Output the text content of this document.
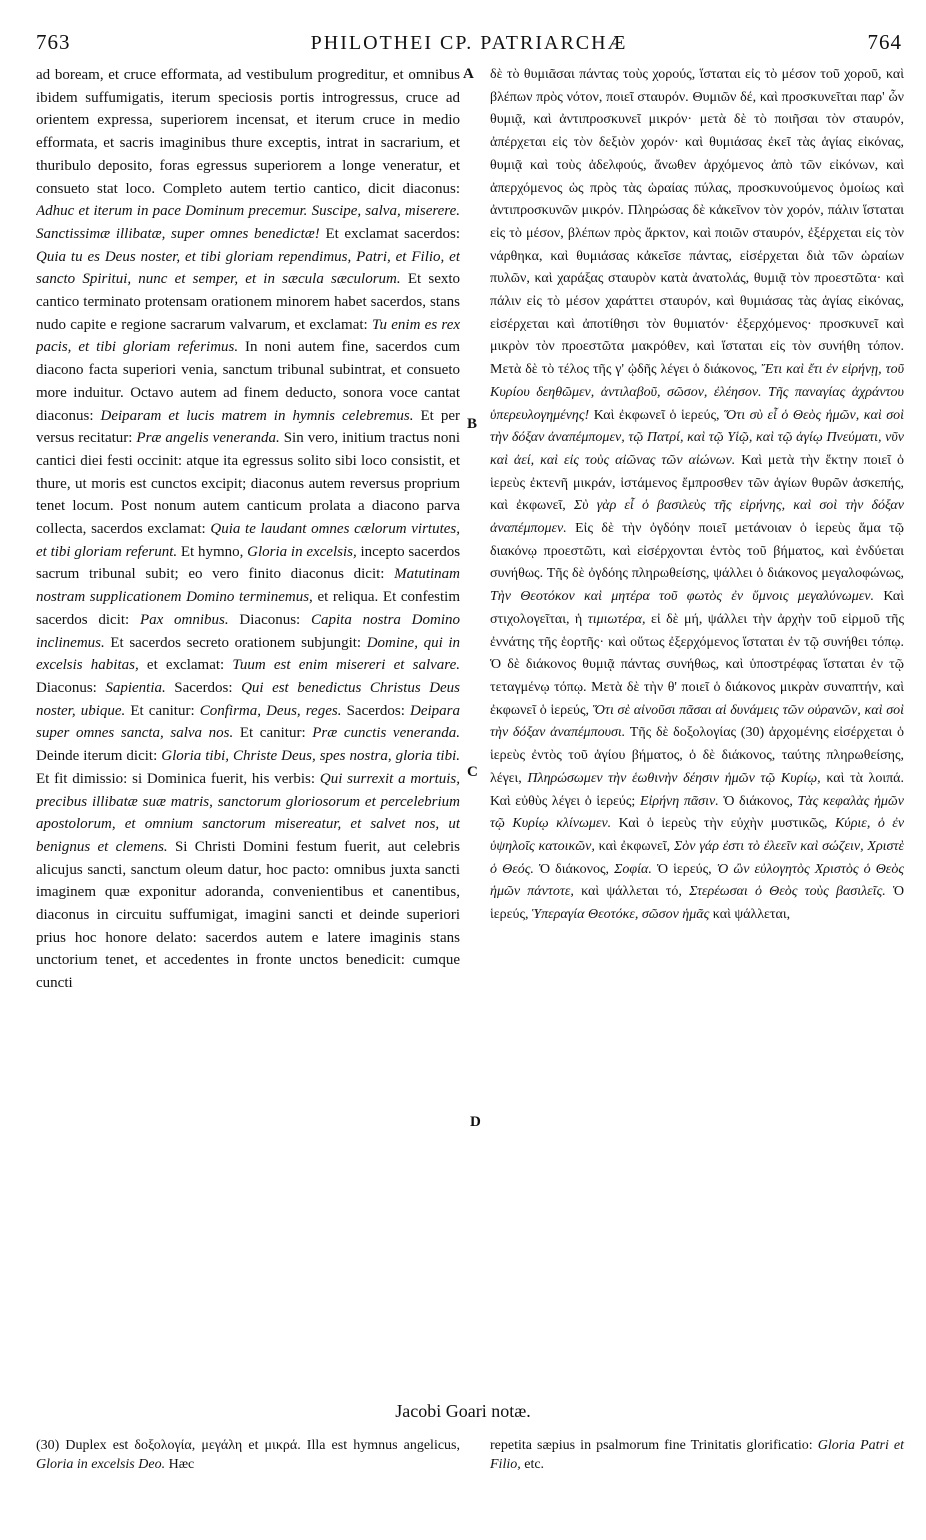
763	PHILOTHEI CP. PATRIARCHÆ	764
A
B
C
D

ad boream, et cruce efformata, ad vestibulum progreditur, et omnibus ibidem suffumigatis, iterum speciosis portis introgressus, cruce ad orientem expressa, superiorem incensat, et iterum cruce in medio efformata, et sacris imaginibus thure exceptis, intrat in sacrarium, et thuribulo deposito, foras egressus superiorem a longe veneratur, et consueto stat loco. Completo autem tertio cantico, dicit diaconus: Adhuc et iterum in pace Dominum precemur. Suscipe, salva, miserere. Sanctissimæ illibatæ, super omnes benedictæ! Et exclamat sacerdos: Quia tu es Deus noster, et tibi gloriam rependimus, Patri, et Filio, et sancto Spiritui, nunc et semper, et in sæcula sæculorum. Et sexto cantico terminato protensam orationem minorem habet sacerdos, stans nudo capite e regione sacrarum valvarum, et exclamat: Tu enim es rex pacis, et tibi gloriam referimus. In noni autem fine, sacerdos cum diacono facta superiori venia, sanctum tribunal subintrat, et consueto more induitur. Octavo autem ad finem deducto, sonora voce cantat diaconus: Deiparam et lucis matrem in hymnis celebremus. Et per versus recitatur: Præ angelis veneranda. Sin vero, initium tractus noni cantici diei festi occinit: atque ita egressus solito sibi loco consistit, et thure, ut moris est cunctos excipit; diaconus autem reversus proprium tenet locum. Post nonum autem canticum prolata a diacono parva collecta, sacerdos exclamat: Quia te laudant omnes cælorum virtutes, et tibi gloriam referunt. Et hymno, Gloria in excelsis, incepto sacerdos sacrum tribunal subit; eo vero finito diaconus dicit: Matutinam nostram supplicationem Domino terminemus, et reliqua. Et confestim sacerdos dicit: Pax omnibus. Diaconus: Capita nostra Domino inclinemus. Et sacerdos secreto orationem subjungit: Domine, qui in excelsis habitas, et exclamat: Tuum est enim misereri et salvare. Diaconus: Sapientia. Sacerdos: Qui est benedictus Christus Deus noster, ubique. Et canitur: Confirma, Deus, reges. Sacerdos: Deipara super omnes sancta, salva nos. Et canitur: Præ cunctis veneranda. Deinde iterum dicit: Gloria tibi, Christe Deus, spes nostra, gloria tibi. Et fit dimissio: si Dominica fuerit, his verbis: Qui surrexit a mortuis, precibus illibatæ suæ matris, sanctorum gloriosorum et percelebrium apostolorum, et omnium sanctorum misereatur, et salvet nos, ut benignus et clemens. Si Christi Domini festum fuerit, aut celebris alicujus sancti, sanctum oleum datur, hoc pacto: omnibus juxta sancti imaginem quæ exponitur adoranda, convenientibus et canentibus, diaconus in circuitu suffumigat, imagini sancti et deinde superiori prius hoc honore delato: sacerdos autem e latere imaginis stans unctorium tenet, et accedentes in fronte unctos benedicit: cumque cuncti

δὲ τὸ θυμιᾶσαι πάντας τοὺς χορούς, ἵσταται εἰς τὸ μέσον τοῦ χοροῦ, καὶ βλέπων πρὸς νότον, ποιεῖ σταυρόν. Θυμιῶν δέ, καὶ προσκυνεῖται παρ' ὧν θυμιᾷ, καὶ ἀντιπροσκυνεῖ μικρόν· μετὰ δὲ τὸ ποιῆσαι τὸν σταυρόν, ἀπέρχεται εἰς τὸν δεξιὸν χορόν· καὶ θυμιάσας ἐκεῖ τὰς ἁγίας εἰκόνας, θυμιᾷ καὶ τοὺς ἀδελφούς, ἄνωθεν ἀρχόμενος ἀπὸ τῶν εἰκόνων, καὶ ἀπερχόμενος ὡς πρὸς τὰς ὡραίας πύλας, προσκυνούμενος ὁμοίως καὶ ἀντιπροσκυνῶν μικρόν. Πληρώσας δὲ κἀκεῖνον τὸν χορόν, πάλιν ἵσταται εἰς τὸ μέσον, βλέπων πρὸς ἄρκτον, καὶ ποιῶν σταυρόν, ἐξέρχεται εἰς τὸν νάρθηκα, καὶ θυμιάσας κἀκεῖσε πάντας, εἰσέρχεται διὰ τῶν ὡραίων πυλῶν, καὶ χαράξας σταυρὸν κατὰ ἀνατολάς, θυμιᾷ τὸν προεστῶτα· καὶ πάλιν εἰς τὸ μέσον χαράττει σταυρόν, καὶ θυμιάσας τὰς ἁγίας εἰκόνας, εἰσέρχεται καὶ ἀποτίθησι τὸν θυμιατόν· ἐξερχόμενος· προσκυνεῖ καὶ μικρὸν τὸν προεστῶτα μακρόθεν, καὶ ἵσταται εἰς τὸν συνήθη τόπον. Μετὰ δὲ τὸ τέλος τῆς γ' ᾠδῆς λέγει ὁ διάκονος, Ἔτι καὶ ἔτι ἐν εἰρήνῃ, τοῦ Κυρίου δεηθῶμεν, ἀντιλαβοῦ, σῶσον, ἐλέησον. Τῆς παναγίας ἀχράντου ὑπερευλογημένης! Καὶ ἐκφωνεῖ ὁ ἱερεύς, Ὅτι σὺ εἶ ὁ Θεὸς ἡμῶν, καὶ σοὶ τὴν δόξαν ἀναπέμπομεν, τῷ Πατρί, καὶ τῷ Υἱῷ, καὶ τῷ ἁγίῳ Πνεύματι, νῦν καὶ ἀεί, καὶ εἰς τοὺς αἰῶνας τῶν αἰώνων. Καὶ μετὰ τὴν ἕκτην ποιεῖ ὁ ἱερεὺς ἐκτενῆ μικράν, ἱστάμενος ἔμπροσθεν τῶν ἁγίων θυρῶν ἀσκεπής, καὶ ἐκφωνεῖ, Σὺ γὰρ εἶ ὁ βασιλεὺς τῆς εἰρήνης, καὶ σοὶ τὴν δόξαν ἀναπέμπομεν. Εἰς δὲ τὴν ὀγδόην ποιεῖ μετάνοιαν ὁ ἱερεὺς ἅμα τῷ διακόνῳ προεστῶτι, καὶ εἰσέρχονται ἐντὸς τοῦ βήματος, καὶ ἐνδύεται συνήθως. Τῆς δὲ ὀγδόης πληρωθείσης, ψάλλει ὁ διάκονος μεγαλοφώνως, Τὴν Θεοτόκον καὶ μητέρα τοῦ φωτὸς ἐν ὕμνοις μεγαλύνωμεν. Καὶ στιχολογεῖται, ἡ τιμιωτέρα, εἰ δὲ μή, ψάλλει τὴν ἀρχὴν τοῦ εἱρμοῦ τῆς ἐννάτης τῆς ἑορτῆς· καὶ οὕτως ἐξερχόμενος ἵσταται ἐν τῷ συνήθει τόπῳ. Ὁ δὲ διάκονος θυμιᾷ πάντας συνήθως, καὶ ὑποστρέφας ἵσταται ἐν τῷ τεταγμένῳ τόπῳ. Μετὰ δὲ τὴν θ' ποιεῖ ὁ διάκονος μικρὰν συναπτήν, καὶ ἐκφωνεῖ ὁ ἱερεύς, Ὅτι σὲ αἰνοῦσι πᾶσαι αἱ δυνάμεις τῶν οὐρανῶν, καὶ σοὶ τὴν δόξαν ἀναπέμπουσι. Τῆς δὲ δοξολογίας (30) ἀρχομένης εἰσέρχεται ὁ ἱερεὺς ἐντὸς τοῦ ἁγίου βήματος, ὁ δὲ διάκονος, ταύτης πληρωθείσης, λέγει, Πληρώσωμεν τὴν ἑωθινὴν δέησιν ἡμῶν τῷ Κυρίῳ, καὶ τὰ λοιπά. Καὶ εὐθὺς λέγει ὁ ἱερεύς; Εἰρήνη πᾶσιν. Ὁ διάκονος, Τὰς κεφαλὰς ἡμῶν τῷ Κυρίῳ κλίνωμεν. Καὶ ὁ ἱερεὺς τὴν εὐχὴν μυστικῶς, Κύριε, ὁ ἐν ὑψηλοῖς κατοικῶν, καὶ ἐκφωνεῖ, Σὸν γάρ ἐστι τὸ ἐλεεῖν καὶ σώζειν, Χριστὲ ὁ Θεός. Ὁ διάκονος, Σοφία. Ὁ ἱερεύς, Ὁ ὢν εὐλογητὸς Χριστὸς ὁ Θεὸς ἡμῶν πάντοτε, καὶ ψάλλεται τό, Στερέωσαι ὁ Θεὸς τοὺς βασιλεῖς. Ὁ ἱερεύς, Ὑπεραγία Θεοτόκε, σῶσον ἡμᾶς καὶ ψάλλεται,

Jacobi Goari notæ.
(30) Duplex est δοξολογία, μεγάλη et μικρά. Illa est hymnus angelicus, Gloria in excelsis Deo. Hæc
repetita sæpius in psalmorum fine Trinitatis glorificatio: Gloria Patri et Filio, etc.
